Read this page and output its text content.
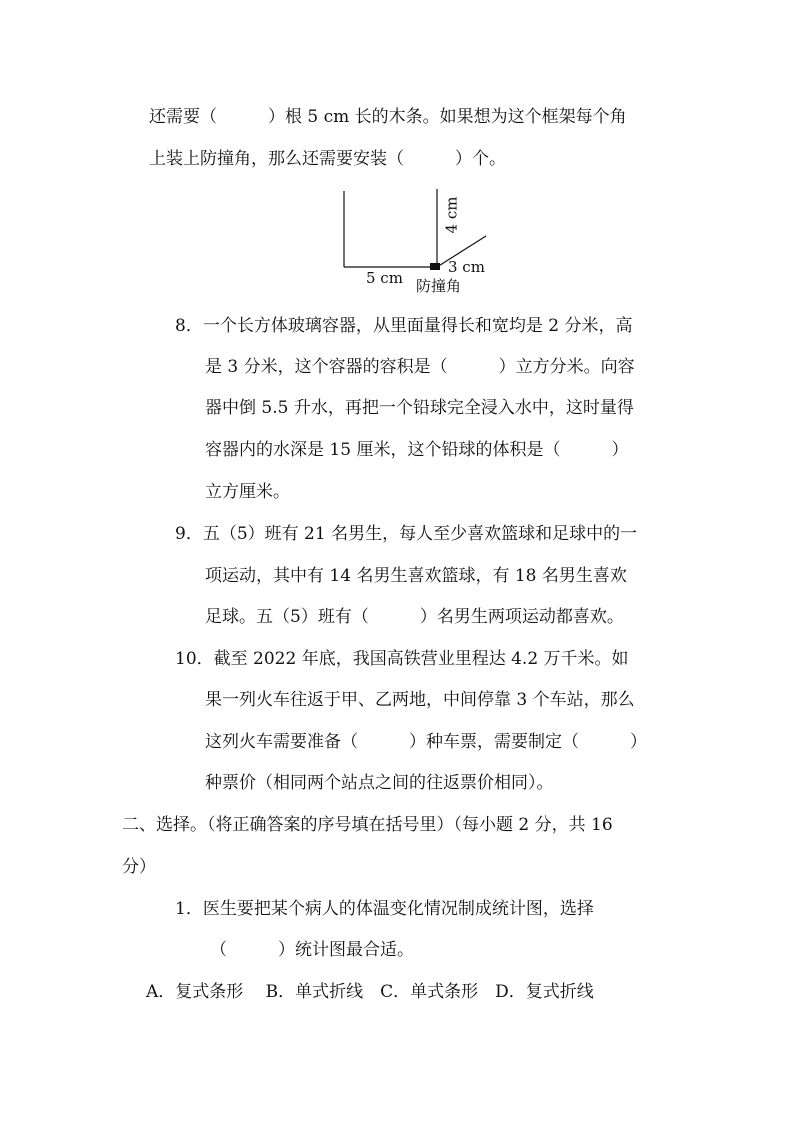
还需要（　　　）根 5 cm 长的木条。如果想为这个框架每个角
上装上防撞角，那么还需要安装（　　　）个。
4 cm
5 cm
3 cm
防撞角
8．一个长方体玻璃容器，从里面量得长和宽均是 2 分米，高
是 3 分米，这个容器的容积是（　　　）立方分米。向容
器中倒 5.5 升水，再把一个铅球完全浸入水中，这时量得
容器内的水深是 15 厘米，这个铅球的体积是（　　　）
立方厘米。
9．五（5）班有 21 名男生，每人至少喜欢篮球和足球中的一
项运动，其中有 14 名男生喜欢篮球，有 18 名男生喜欢
足球。五（5）班有（　　　）名男生两项运动都喜欢。
10．截至 2022 年底，我国高铁营业里程达 4.2 万千米。如
果一列火车往返于甲、乙两地，中间停靠 3 个车站，那么
这列火车需要准备（　　　）种车票，需要制定（　　　）
种票价（相同两个站点之间的往返票价相同）。
二、选择。（将正确答案的序号填在括号里）（每小题 2 分，共 16
分）
1．医生要把某个病人的体温变化情况制成统计图，选择
（　　　）统计图最合适。
A．复式条形　 B．单式折线　C．单式条形　D．复式折线
